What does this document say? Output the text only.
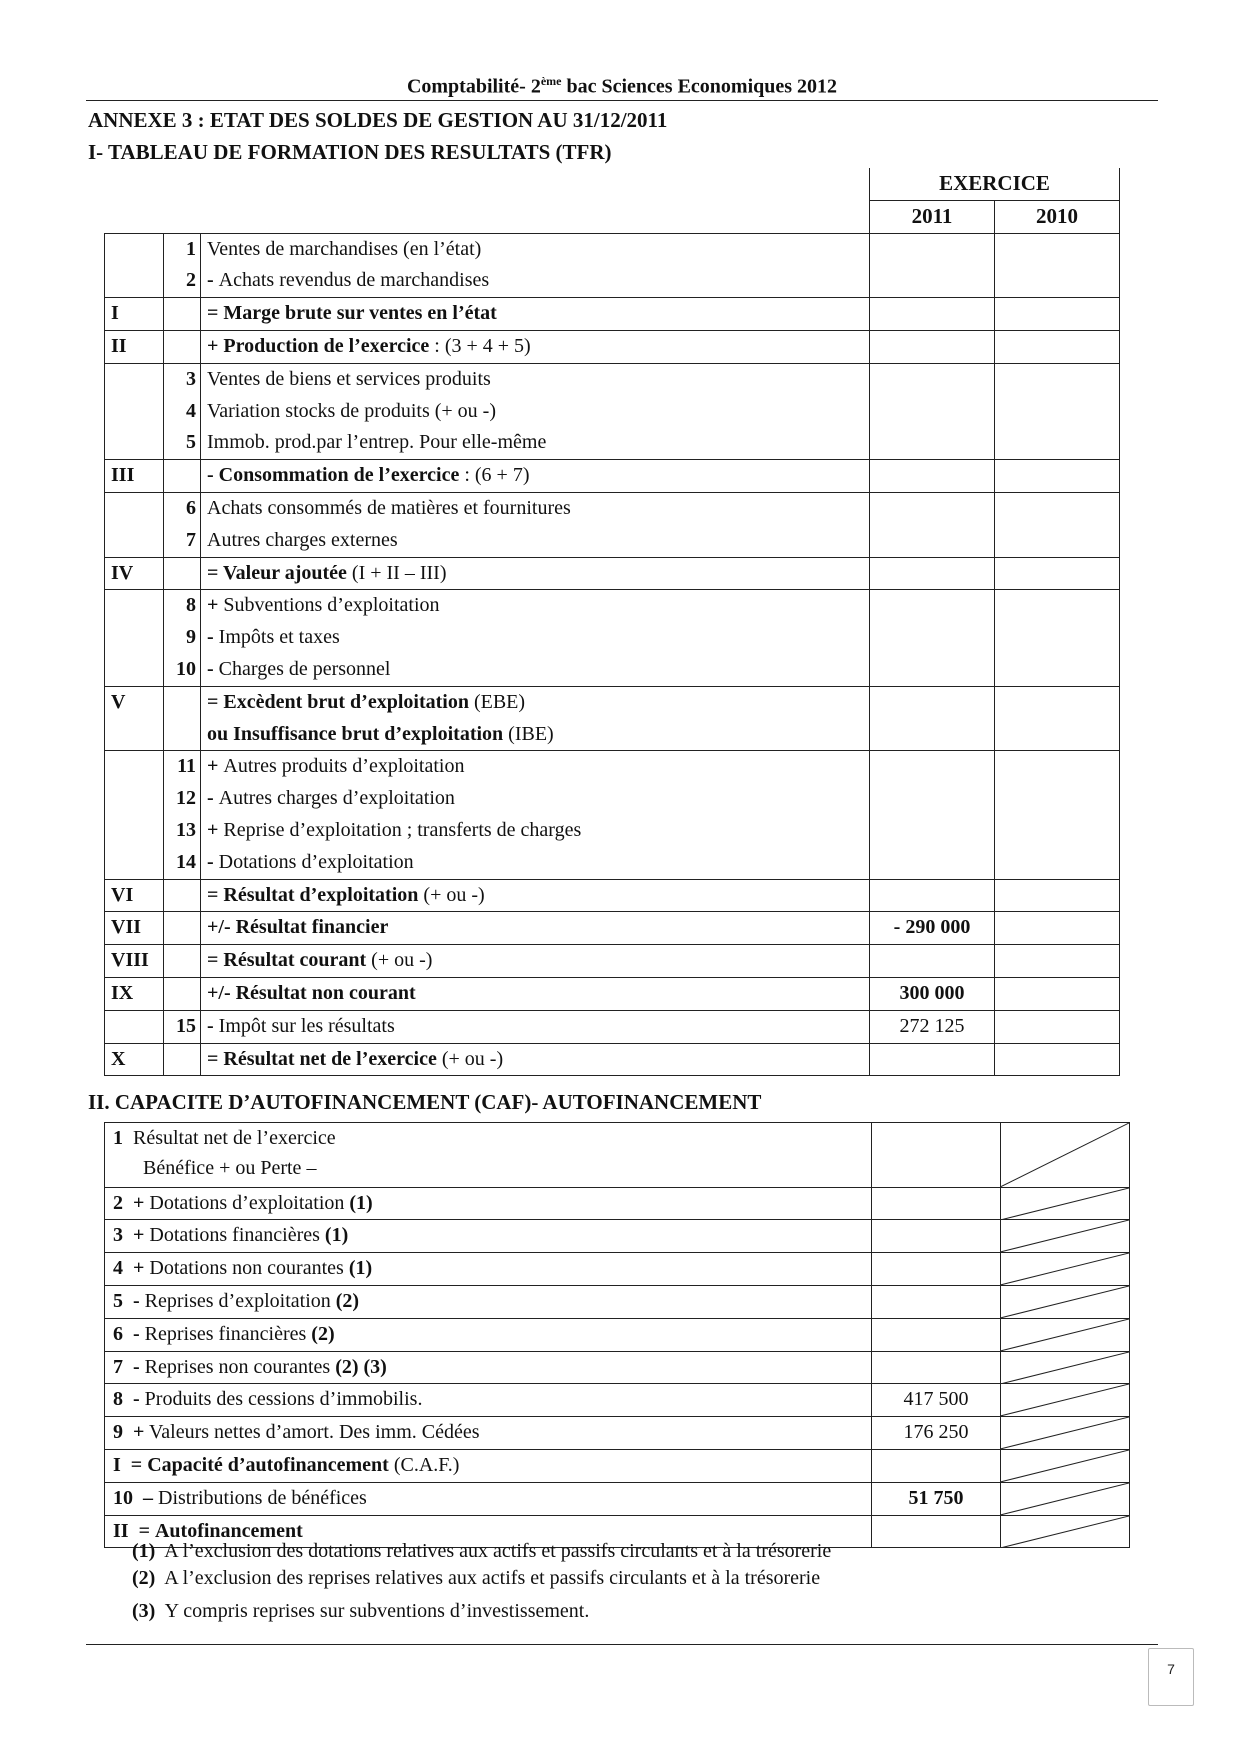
Comptabilité- 2ème bac Sciences Economiques 2012
ANNEXE 3 : ETAT DES SOLDES DE GESTION AU 31/12/2011
I- TABLEAU DE FORMATION DES RESULTATS (TFR)
			EXERCICE	
			2011	2010
	1	Ventes de marchandises (en l’état)		
	2	- Achats revendus de marchandises		
I		= Marge brute sur ventes en l’état		
II		+ Production de l’exercice : (3 + 4 + 5)		
	3	Ventes de biens et services produits		
	4	Variation stocks de produits (+ ou -)		
	5	Immob. prod.par l’entrep. Pour elle-même		
III		- Consommation de l’exercice : (6 + 7)		
	6	Achats consommés de matières et fournitures		
	7	Autres charges externes		
IV		= Valeur ajoutée (I + II – III)		
	8	+ Subventions d’exploitation		
	9	- Impôts et taxes		
	10	- Charges de personnel		
V		= Excèdent brut d’exploitation (EBE)		
		ou Insuffisance brut d’exploitation (IBE)		
	11	+ Autres produits d’exploitation		
	12	- Autres charges d’exploitation		
	13	+ Reprise d’exploitation ; transferts de charges		
	14	- Dotations d’exploitation		
VI		= Résultat d’exploitation (+ ou -)		
VII		+/- Résultat financier	- 290 000	
VIII		= Résultat courant (+ ou -)		
IX		+/- Résultat non courant	300 000	
	15	- Impôt sur les résultats	272 125	
X		= Résultat net de l’exercice (+ ou -)		
II. CAPACITE D’AUTOFINANCEMENT (CAF)- AUTOFINANCEMENT
1 Résultat net de l’exercice
Bénéfice + ou Perte –		

2 + Dotations d’exploitation (1)		

3 + Dotations financières (1)		

4 + Dotations non courantes (1)		

5 - Reprises d’exploitation (2)		

6 - Reprises financières (2)		

7 - Reprises non courantes (2) (3)		

8 - Produits des cessions d’immobilis.	417 500	

9 + Valeurs nettes d’amort. Des imm. Cédées	176 250	

I = Capacité d’autofinancement (C.A.F.)		

10 – Distributions de bénéfices	51 750	

II = Autofinancement		
(1) A l’exclusion des dotations relatives aux actifs et passifs circulants et à la trésorerie
(2) A l’exclusion des reprises relatives aux actifs et passifs circulants et à la trésorerie
(3) Y compris reprises sur subventions d’investissement.
7
